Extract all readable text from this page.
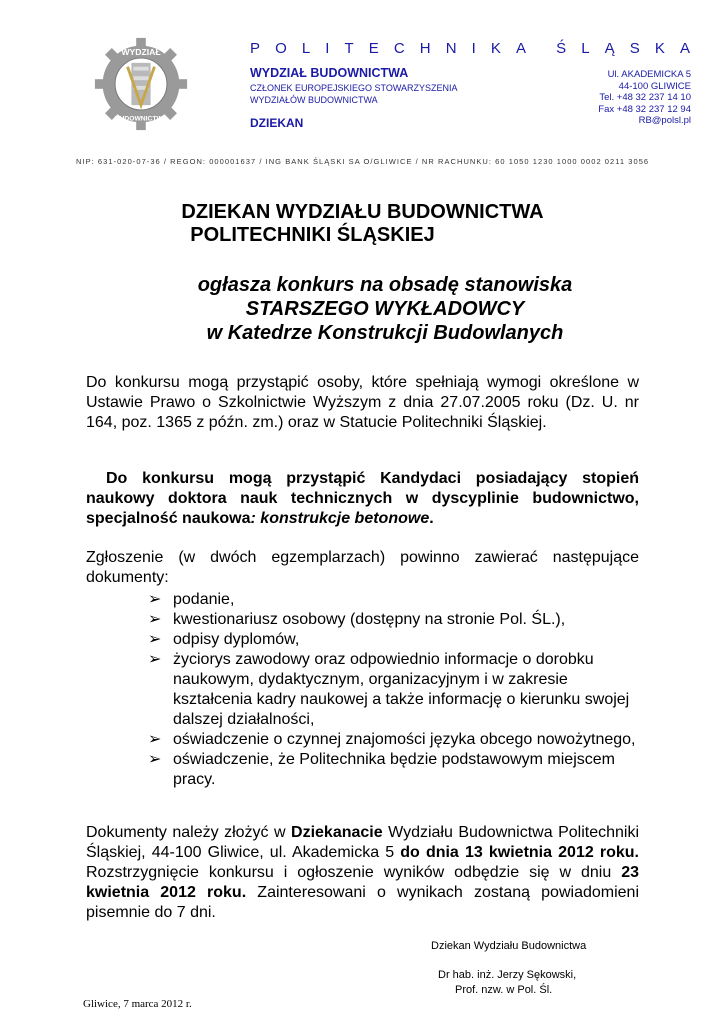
WYDZIAŁ
BUDOWNICTWA
P O L I T E C H N I K A Ś L Ą S K A
WYDZIAŁ BUDOWNICTWA
CZŁONEK EUROPEJSKIEGO STOWARZYSZENIA
WYDZIAŁÓW BUDOWNICTWA
DZIEKAN
Ul. AKADEMICKA 5
44-100 GLIWICE
Tel. +48 32 237 14 10
Fax +48 32 237 12 94
RB@polsl.pl
NIP: 631-020-07-36 / REGON: 000001637 / ING BANK ŚLĄSKI SA O/GLIWICE / NR RACHUNKU: 60 1050 1230 1000 0002 0211 3056
DZIEKAN WYDZIAŁU BUDOWNICTWA
POLITECHNIKI ŚLĄSKIEJ
ogłasza konkurs na obsadę stanowiska
STARSZEGO WYKŁADOWCY
w Katedrze Konstrukcji Budowlanych

Do konkursu mogą przystąpić osoby, które spełniają wymogi określone w Ustawie Prawo o Szkolnictwie Wyższym z dnia 27.07.2005 roku (Dz. U. nr 164, poz. 1365 z późn. zm.) oraz w Statucie Politechniki Śląskiej.

Do konkursu mogą przystąpić Kandydaci posiadający stopień naukowy doktora nauk technicznych w dyscyplinie budownictwo, specjalność naukowa: konstrukcje betonowe.

Zgłoszenie (w dwóch egzemplarzach) powinno zawierać następujące dokumenty:

➢ podanie,
➢ kwestionariusz osobowy (dostępny na stronie Pol. ŚL.),
➢ odpisy dyplomów,
➢ życiorys zawodowy oraz odpowiednio informacje o dorobku naukowym, dydaktycznym, organizacyjnym i w zakresie kształcenia kadry naukowej a także informację o kierunku swojej dalszej działalności,
➢ oświadczenie o czynnej znajomości języka obcego nowożytnego,
➢ oświadczenie, że Politechnika będzie podstawowym miejscem pracy.

Dokumenty należy złożyć w Dziekanacie Wydziału Budownictwa Politechniki Śląskiej, 44-100 Gliwice, ul. Akademicka 5 do dnia 13 kwietnia 2012 roku. Rozstrzygnięcie konkursu i ogłoszenie wyników odbędzie się w dniu 23 kwietnia 2012 roku. Zainteresowani o wynikach zostaną powiadomieni pisemnie do 7 dni.

Dziekan Wydziału Budownictwa
Dr hab. inż. Jerzy Sękowski,
Prof. nzw. w Pol. Śl.
Gliwice, 7 marca 2012 r.
